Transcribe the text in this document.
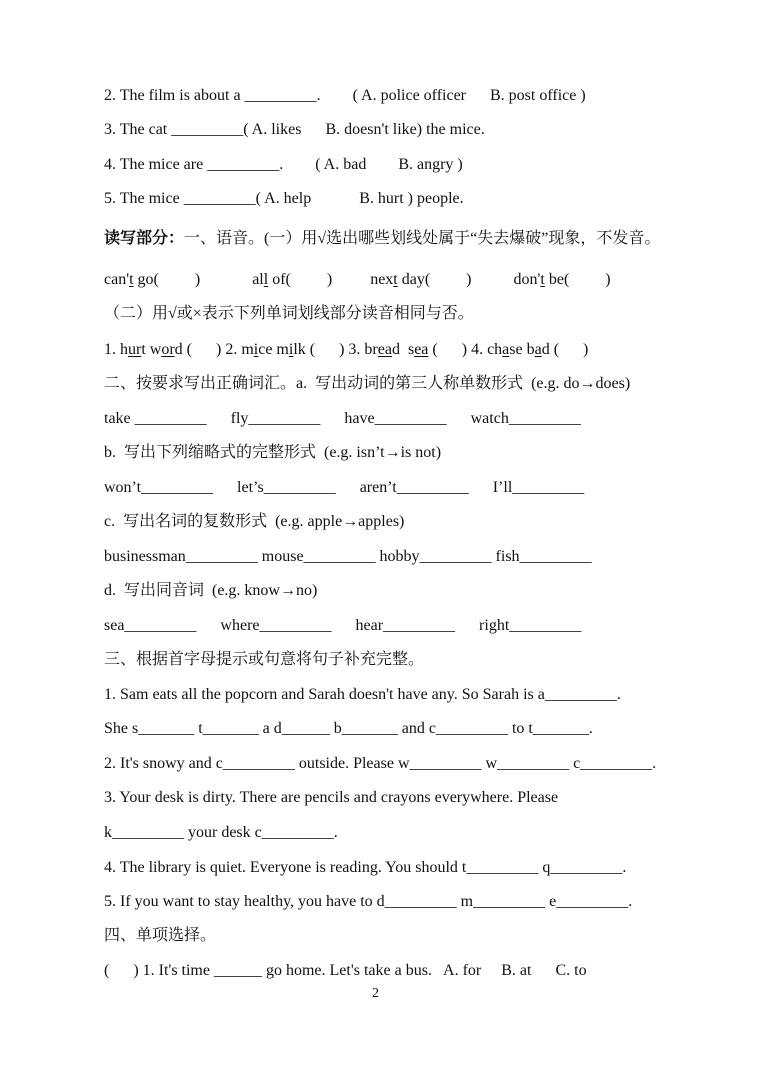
2. The film is about a _________.        ( A. police officer      B. post office )
3. The cat _________( A. likes      B. doesn't like) the mice.
4. The mice are _________.        ( A. bad        B. angry )
5. The mice _________( A. help            B. hurt ) people.
读写部分：一、语音。(一）用√选出哪些划线处属于“失去爆破”现象，不发音。
can't go(         )	all of(         ) next day(         )	don't be(         )
（二）用√或×表示下列单词划线部分读音相同与否。
1. hurt word (      ) 2. mice milk (      ) 3. bread  sea (      ) 4. chase bad (      )
二、按要求写出正确词汇。a.  写出动词的第三人称单数形式  (e.g. do→does)
take _________      fly_________      have_________      watch_________
b.  写出下列缩略式的完整形式  (e.g. isn’t→is not)
won’t_________      let’s_________      aren’t_________      I’ll_________
c.  写出名词的复数形式  (e.g. apple→apples)
businessman_________ mouse_________ hobby_________ fish_________
d.  写出同音词  (e.g. know→no)
sea_________      where_________      hear_________      right_________
三、根据首字母提示或句意将句子补充完整。
1. Sam eats all the popcorn and Sarah doesn't have any. So Sarah is a_________.
She s_______ t_______ a d______ b_______ and c_________ to t_______.
2. It's snowy and c_________ outside. Please w_________ w_________ c_________.
3. Your desk is dirty. There are pencils and crayons everywhere. Please
k_________ your desk c_________.
4. The library is quiet. Everyone is reading. You should t_________ q_________.
5. If you want to stay healthy, you have to d_________ m_________ e_________.
四、单项选择。
(      ) 1. It's time ______ go home. Let's take a bus.   A. for     B. at      C. to
2
